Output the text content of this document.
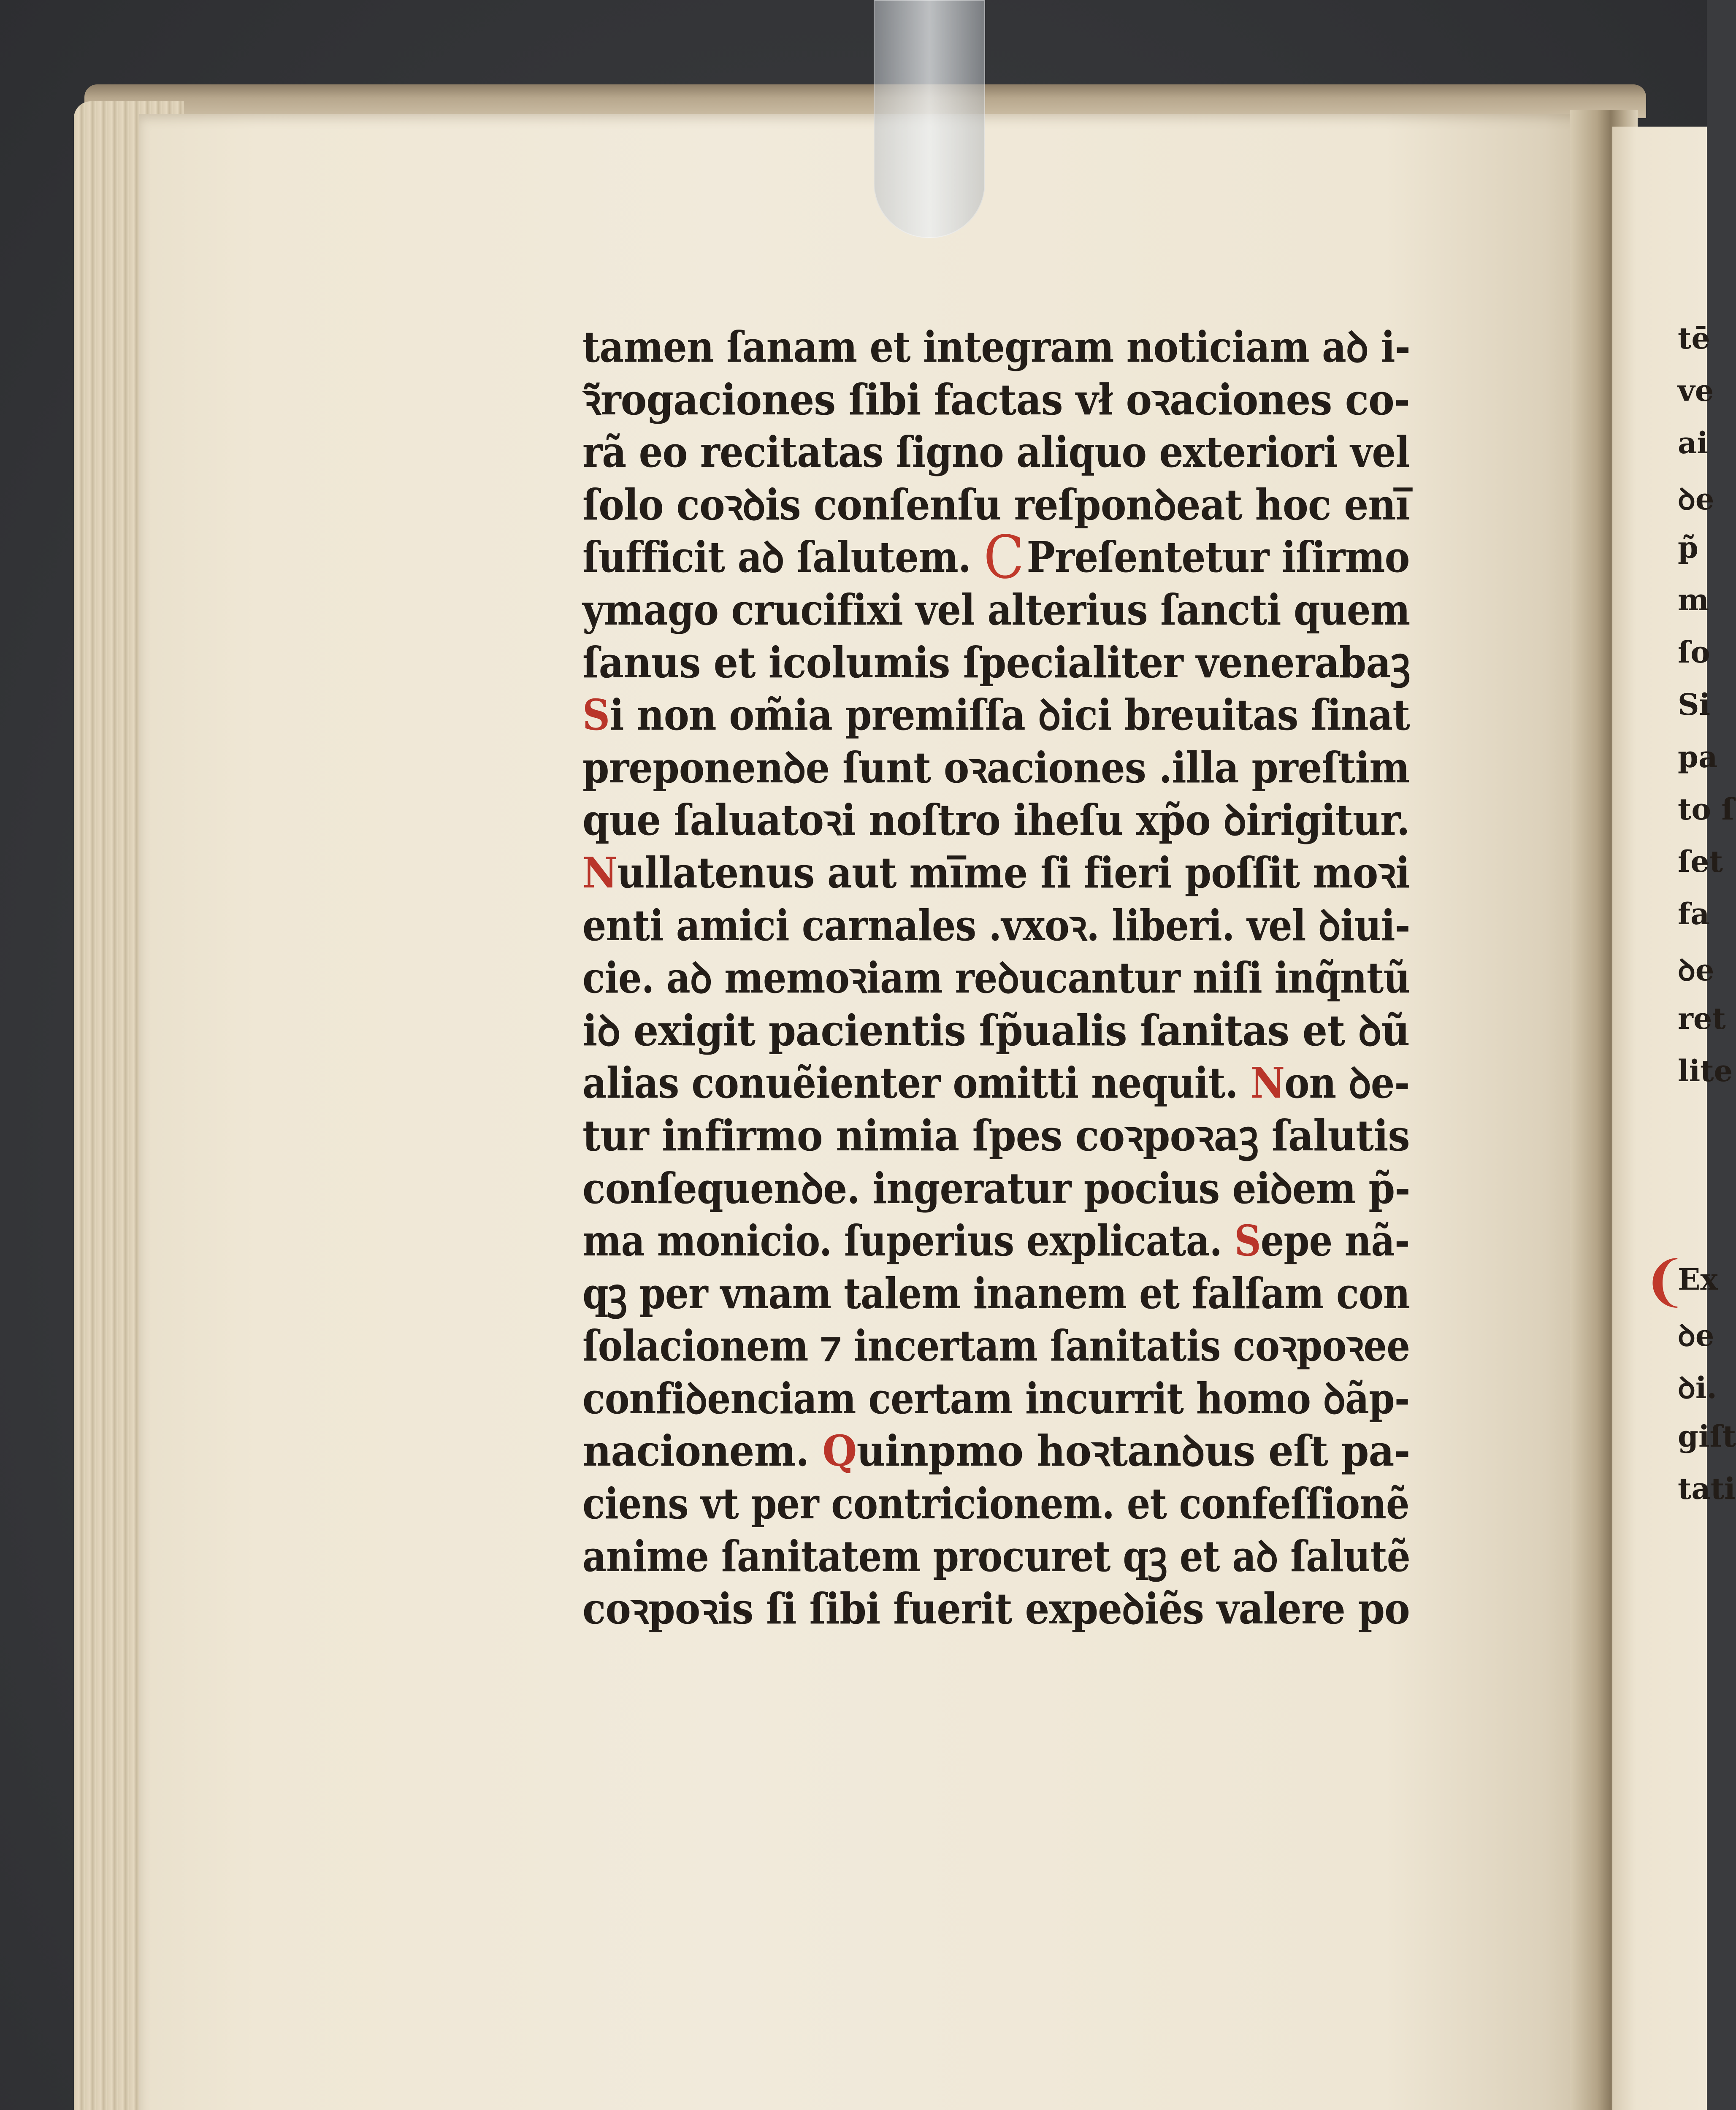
tamen ſanam et integram noticiam aꝺ i-
ꝛ̃rogaciones ſibi factas vł oꝛaciones co-
rã eo recitatas ſigno aliquo exteriori vel
ſolo coꝛꝺis conſenſu reſponꝺeat hoc eni̅
ſufficit aꝺ ſalutem. CPreſentetur iſirmo
ymago crucifixi vel alterius ſancti quem
ſanus et icolumis ſpecialiter venerabaꝫ
Si non om̃ia premiſſa ꝺici breuitas ſinat
preponenꝺe ſunt oꝛaciones .illa preſtim
que ſaluatoꝛi noſtro iheſu xp̃o ꝺirigitur.
Nullatenus aut mi̅me ſi fieri poſſit moꝛi
enti amici carnales .vxoꝛ. liberi. vel ꝺiui-
cie. aꝺ memoꝛiam reꝺucantur niſi inq̃ntũ
iꝺ exigit pacientis ſp̃ualis ſanitas et ꝺũ
alias conuẽienter omitti nequit. Non ꝺe-
tur infirmo nimia ſpes coꝛpoꝛaꝫ ſalutis
conſequenꝺe. ingeratur pocius eiꝺem p̃-
ma monicio. ſuperius explicata. Sepe nã-
qꝫ per vnam talem inanem et falſam con
ſolacionem ⁊ incertam ſanitatis coꝛpoꝛee
confiꝺenciam certam incurrit homo ꝺãp-
nacionem. Quinpmo hoꝛtanꝺus eſt pa-
ciens vt per contricionem. et confeſſionẽ
anime ſanitatem procuret qꝫ et aꝺ ſalutẽ
coꝛpoꝛis ſi ſibi fuerit expeꝺiẽs valere po
tē
ve
ai
ꝺe
p̃
m
ſo
Si
pa
to ſ
ſet
fa
ꝺe
ret
lite
Ex
ꝺe
ꝺi.
giſt
tati
❨
